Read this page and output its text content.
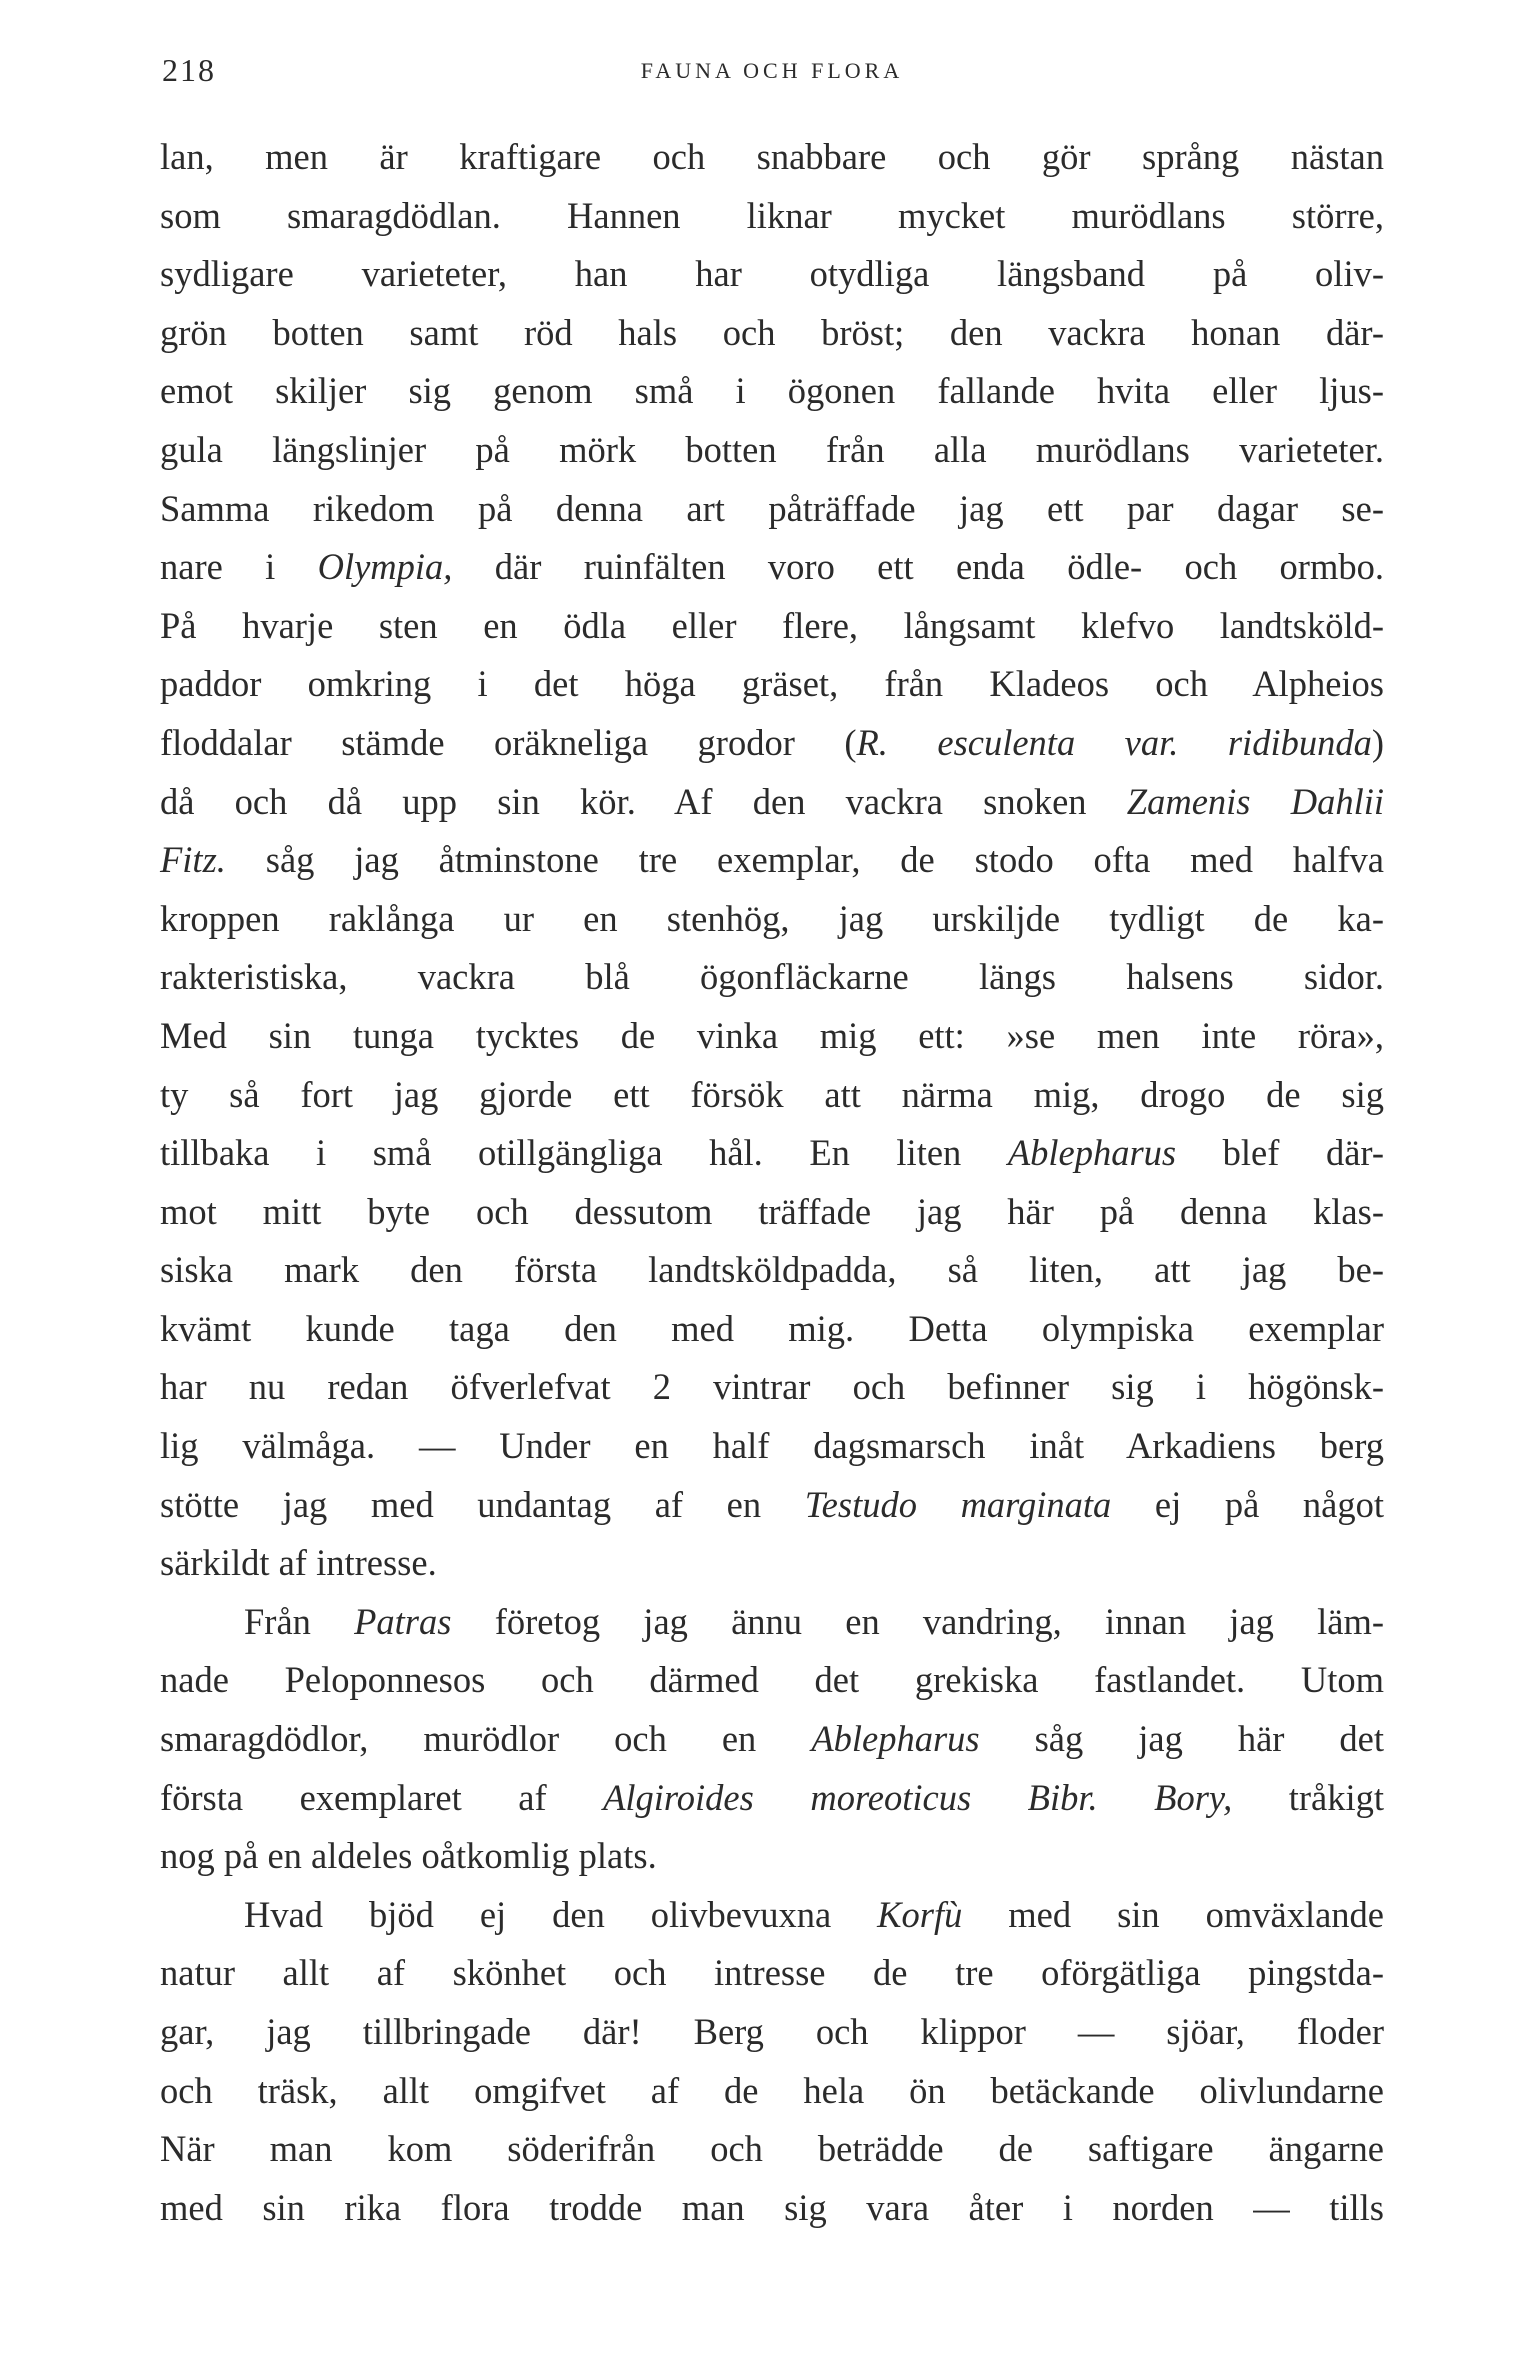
218	FAUNA OCH FLORA
lan, men är kraftigare och snabbare och gör språng nästan
som smaragdödlan. Hannen liknar mycket murödlans större,
sydligare varieteter, han har otydliga längsband på oliv-
grön botten samt röd hals och bröst; den vackra honan där-
emot skiljer sig genom små i ögonen fallande hvita eller ljus-
gula längslinjer på mörk botten från alla murödlans varieteter.
Samma rikedom på denna art påträffade jag ett par dagar se-
nare i Olympia, där ruinfälten voro ett enda ödle- och ormbo.
På hvarje sten en ödla eller flere, långsamt klefvo landtsköld-
paddor omkring i det höga gräset, från Kladeos och Alpheios
floddalar stämde oräkneliga grodor (R. esculenta var. ridibunda)
då och då upp sin kör. Af den vackra snoken Zamenis Dahlii
Fitz. såg jag åtminstone tre exemplar, de stodo ofta med halfva
kroppen raklånga ur en stenhög, jag urskiljde tydligt de ka-
rakteristiska, vackra blå ögonfläckarne längs halsens sidor.
Med sin tunga tycktes de vinka mig ett: »se men inte röra»,
ty så fort jag gjorde ett försök att närma mig, drogo de sig
tillbaka i små otillgängliga hål. En liten Ablepharus blef där-
mot mitt byte och dessutom träffade jag här på denna klas-
siska mark den första landtsköldpadda, så liten, att jag be-
kvämt kunde taga den med mig. Detta olympiska exemplar
har nu redan öfverlefvat 2 vintrar och befinner sig i högönsk-
lig välmåga. — Under en half dagsmarsch inåt Arkadiens berg
stötte jag med undantag af en Testudo marginata ej på något
särkildt af intresse.
Från Patras företog jag ännu en vandring, innan jag läm-
nade Peloponnesos och därmed det grekiska fastlandet. Utom
smaragdödlor, murödlor och en Ablepharus såg jag här det
första exemplaret af Algiroides moreoticus Bibr. Bory, tråkigt
nog på en aldeles oåtkomlig plats.
Hvad bjöd ej den olivbevuxna Korfù med sin omväxlande
natur allt af skönhet och intresse de tre oförgätliga pingstda-
gar, jag tillbringade där! Berg och klippor — sjöar, floder
och träsk, allt omgifvet af de hela ön betäckande olivlundarne
När man kom söderifrån och beträdde de saftigare ängarne
med sin rika flora trodde man sig vara åter i norden — tills
